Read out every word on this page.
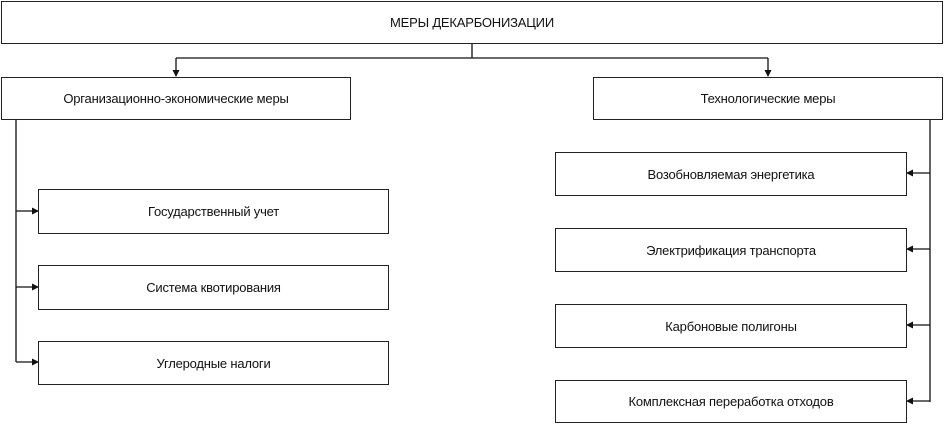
МЕРЫ ДЕКАРБОНИЗАЦИИ
Организационно-экономические меры	Технологические меры
Государственный учет
Система квотирования
Углеродные налоги
Возобновляемая энергетика
Электрификация транспорта
Карбоновые полигоны
Комплексная переработка отходов
